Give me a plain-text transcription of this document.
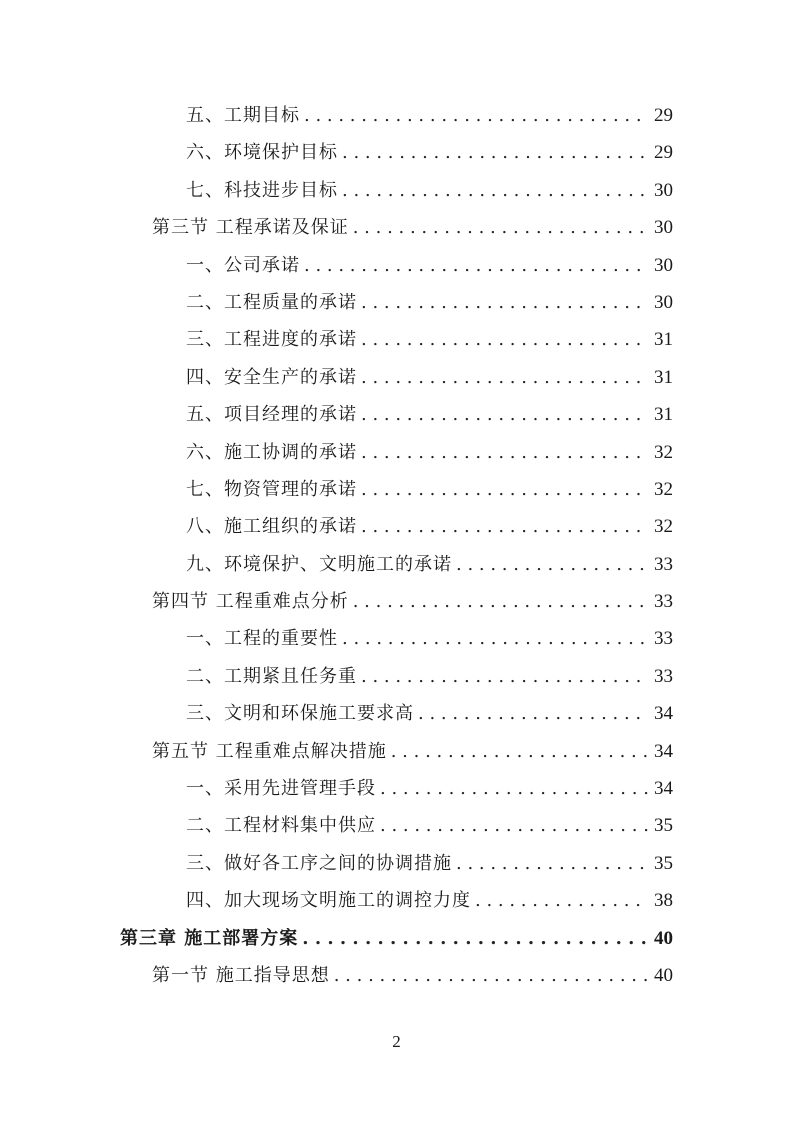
五、工期目标 . . .	29
六、环境保护目标 . . .	29
七、科技进步目标 . . .	30
第三节 工程承诺及保证 . . .	30
一、公司承诺 . . .	30
二、工程质量的承诺 . . .	30
三、工程进度的承诺 . . .	31
四、安全生产的承诺 . . .	31
五、项目经理的承诺 . . .	31
六、施工协调的承诺 . . .	32
七、物资管理的承诺 . . .	32
八、施工组织的承诺 . . .	32
九、环境保护、文明施工的承诺 . . .	33
第四节 工程重难点分析 . . .	33
一、工程的重要性 . . .	33
二、工期紧且任务重 . . .	33
三、文明和环保施工要求高 . . .	34
第五节 工程重难点解决措施 . . .	34
一、采用先进管理手段 . . .	34
二、工程材料集中供应 . . .	35
三、做好各工序之间的协调措施 . . .	35
四、加大现场文明施工的调控力度 . . .	38
第三章 施工部署方案 . . .	40
第一节 施工指导思想 . . .	40
2
